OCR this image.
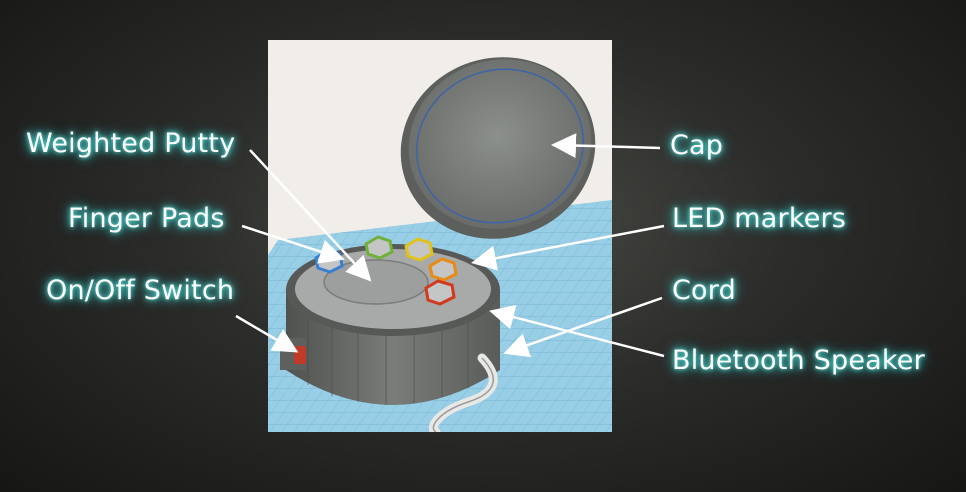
Weighted Putty
Finger Pads
On/Off Switch
Cap
LED markers
Cord
Bluetooth Speaker
